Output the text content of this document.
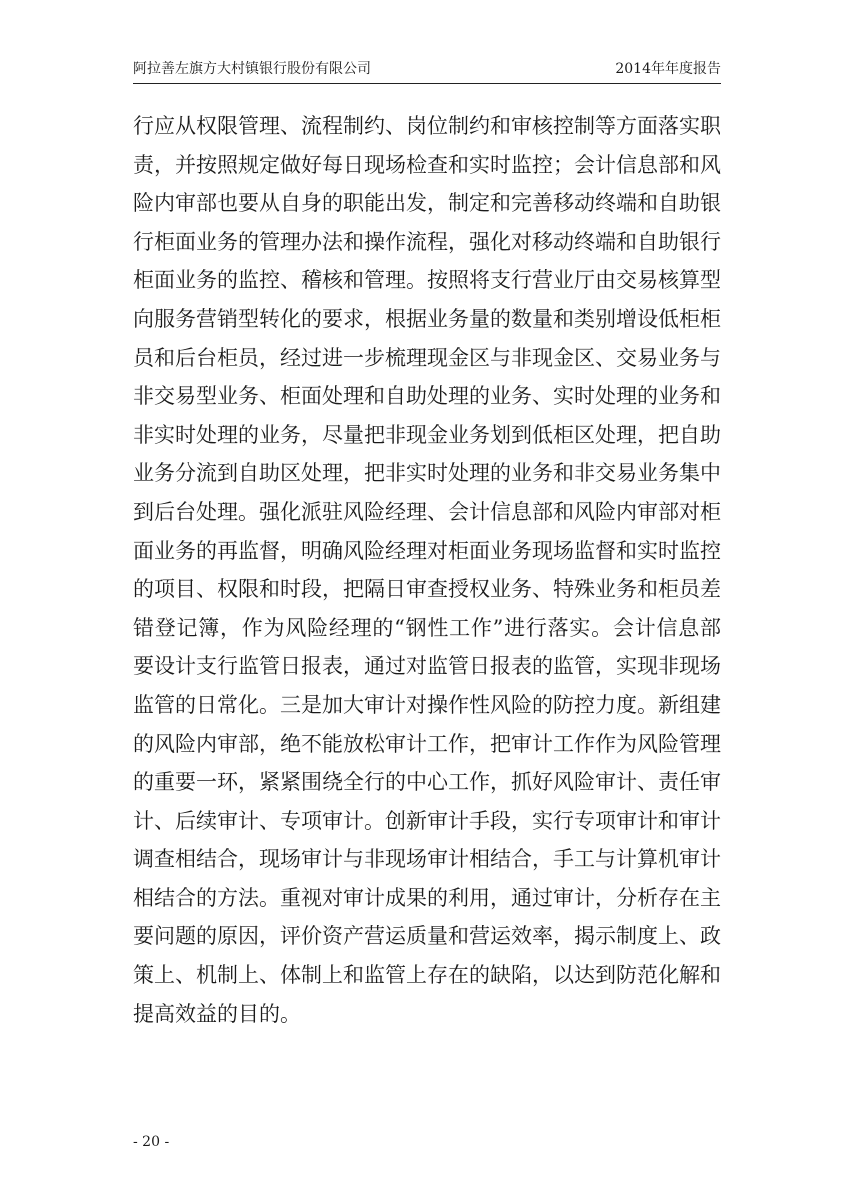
阿拉善左旗方大村镇银行股份有限公司	2014年年度报告
行应从权限管理、流程制约、岗位制约和审核控制等方面落实职
责，并按照规定做好每日现场检查和实时监控；会计信息部和风
险内审部也要从自身的职能出发，制定和完善移动终端和自助银
行柜面业务的管理办法和操作流程，强化对移动终端和自助银行
柜面业务的监控、稽核和管理。按照将支行营业厅由交易核算型
向服务营销型转化的要求，根据业务量的数量和类别增设低柜柜
员和后台柜员，经过进一步梳理现金区与非现金区、交易业务与
非交易型业务、柜面处理和自助处理的业务、实时处理的业务和
非实时处理的业务，尽量把非现金业务划到低柜区处理，把自助
业务分流到自助区处理，把非实时处理的业务和非交易业务集中
到后台处理。强化派驻风险经理、会计信息部和风险内审部对柜
面业务的再监督，明确风险经理对柜面业务现场监督和实时监控
的项目、权限和时段，把隔日审查授权业务、特殊业务和柜员差
错登记簿，作为风险经理的“钢性工作”进行落实。会计信息部
要设计支行监管日报表，通过对监管日报表的监管，实现非现场
监管的日常化。三是加大审计对操作性风险的防控力度。新组建
的风险内审部，绝不能放松审计工作，把审计工作作为风险管理
的重要一环，紧紧围绕全行的中心工作，抓好风险审计、责任审
计、后续审计、专项审计。创新审计手段，实行专项审计和审计
调查相结合，现场审计与非现场审计相结合，手工与计算机审计
相结合的方法。重视对审计成果的利用，通过审计，分析存在主
要问题的原因，评价资产营运质量和营运效率，揭示制度上、政
策上、机制上、体制上和监管上存在的缺陷，以达到防范化解和
提高效益的目的。
- 20 -
